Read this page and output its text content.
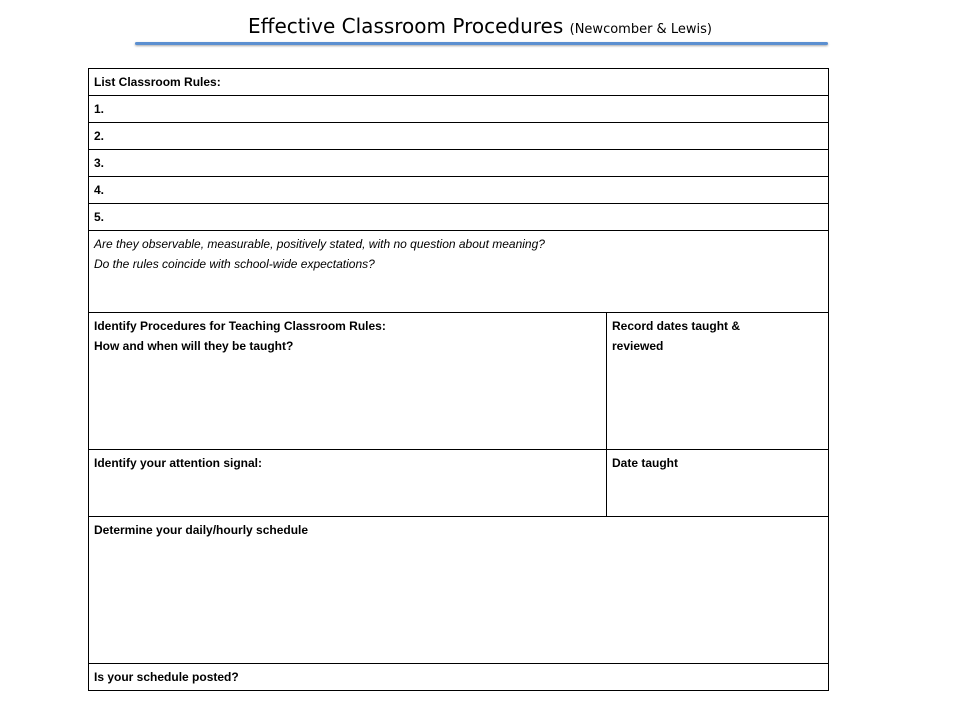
Effective Classroom Procedures (Newcomber & Lewis)
List Classroom Rules:	
1.	
2.	
3.	
4.	
5.	

Are they observable, measurable, positively stated, with no question about meaning?
Do the rules coincide with school-wide expectations?	

Identify Procedures for Teaching Classroom Rules:
How and when will they be taught?	Record dates taught &
reviewed

Identify your attention signal:	Date taught
Determine your daily/hourly schedule	
Is your schedule posted?	
